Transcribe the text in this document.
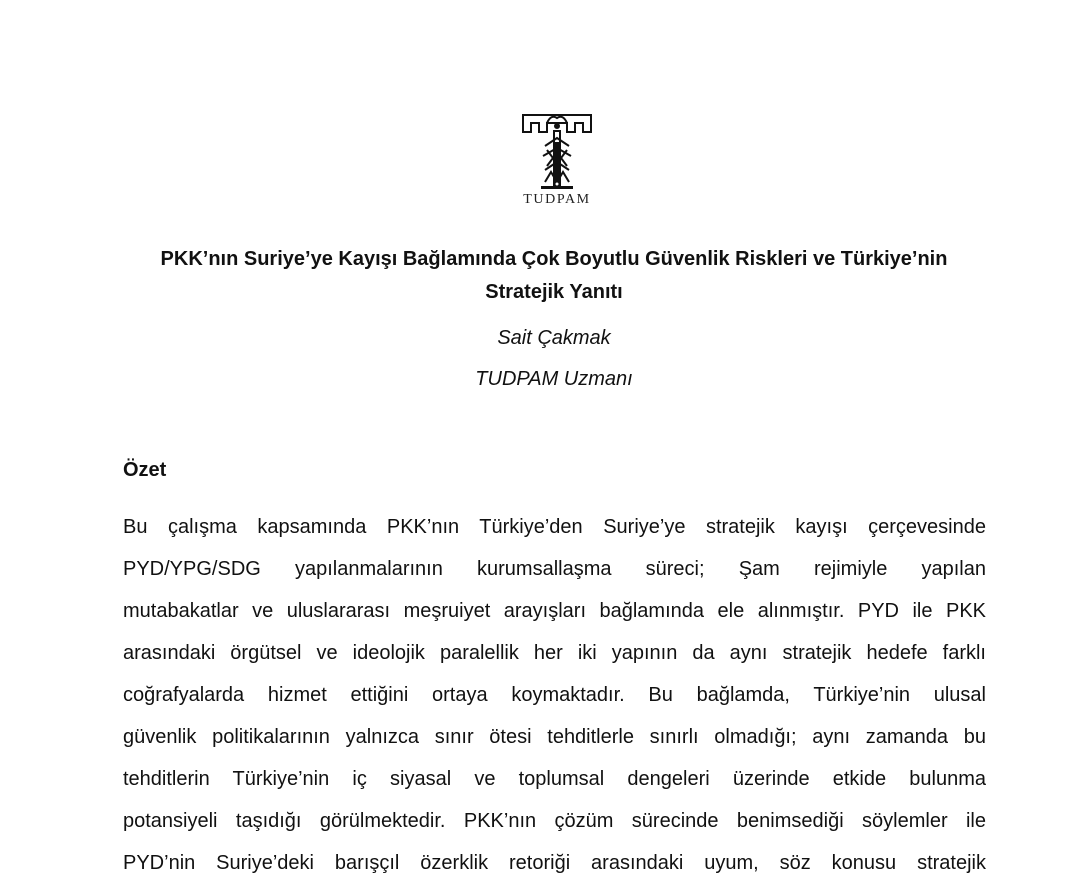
TUDPAM
PKK’nın Suriye’ye Kayışı Bağlamında Çok Boyutlu Güvenlik Riskleri ve Türkiye’nin Stratejik Yanıtı
Sait Çakmak
TUDPAM Uzmanı
Özet
Bu çalışma kapsamında PKK’nın Türkiye’den Suriye’ye stratejik kayışı çerçevesinde
PYD/YPG/SDG yapılanmalarının kurumsallaşma süreci; Şam rejimiyle yapılan
mutabakatlar ve uluslararası meşruiyet arayışları bağlamında ele alınmıştır. PYD ile PKK
arasındaki örgütsel ve ideolojik paralellik her iki yapının da aynı stratejik hedefe farklı
coğrafyalarda hizmet ettiğini ortaya koymaktadır. Bu bağlamda, Türkiye’nin ulusal
güvenlik politikalarının yalnızca sınır ötesi tehditlerle sınırlı olmadığı; aynı zamanda bu
tehditlerin Türkiye’nin iç siyasal ve toplumsal dengeleri üzerinde etkide bulunma
potansiyeli taşıdığı görülmektedir. PKK’nın çözüm sürecinde benimsediği söylemler ile
PYD’nin Suriye’deki barışçıl özerklik retoriği arasındaki uyum, söz konusu stratejik
